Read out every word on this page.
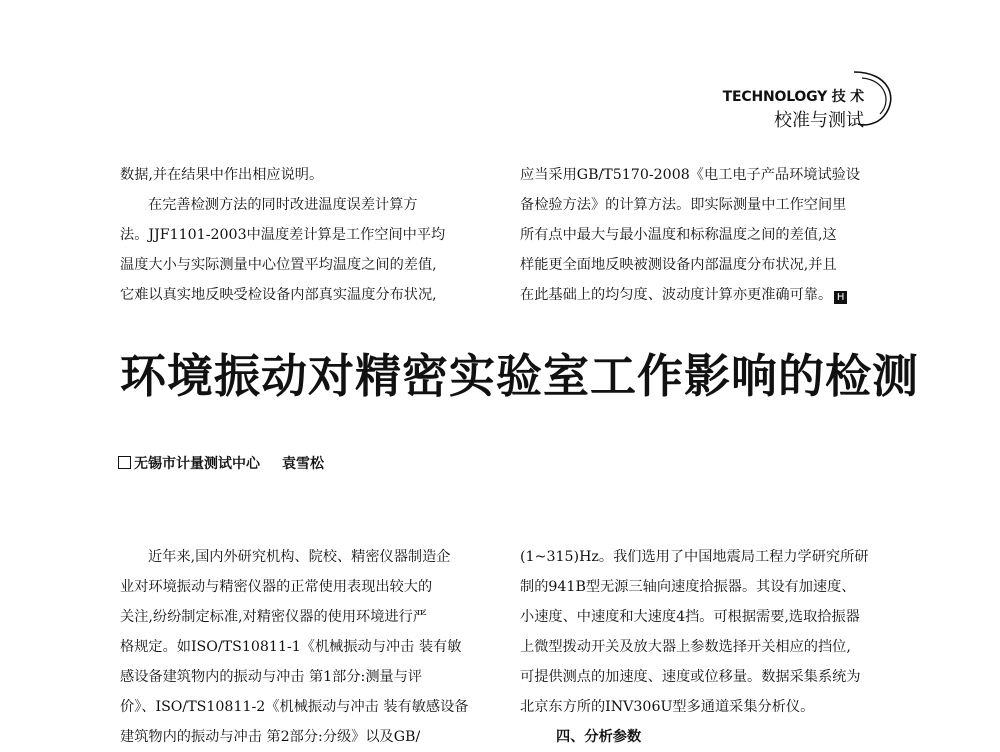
TECHNOLOGY 技 术
校准与测试

数据,并在结果中作出相应说明。

在完善检测方法的同时改进温度误差计算方

法。JJF1101-2003中温度差计算是工作空间中平均

温度大小与实际测量中心位置平均温度之间的差值,

它难以真实地反映受检设备内部真实温度分布状况,

应当采用GB/T5170-2008《电工电子产品环境试验设

备检验方法》的计算方法。即实际测量中工作空间里

所有点中最大与最小温度和标称温度之间的差值,这

样能更全面地反映被测设备内部温度分布状况,并且

在此基础上的均匀度、波动度计算亦更准确可靠。 H

环境振动对精密实验室工作影响的检测
无锡市计量测试中心 袁雪松

近年来,国内外研究机构、院校、精密仪器制造企

业对环境振动与精密仪器的正常使用表现出较大的

关注,纷纷制定标准,对精密仪器的使用环境进行严

格规定。如ISO/TS10811-1《机械振动与冲击 装有敏

感设备建筑物内的振动与冲击 第1部分:测量与评

价》、ISO/TS10811-2《机械振动与冲击 装有敏感设备

建筑物内的振动与冲击 第2部分:分级》以及GB/

(1~315)Hz。我们选用了中国地震局工程力学研究所研

制的941B型无源三轴向速度拾振器。其设有加速度、

小速度、中速度和大速度4挡。可根据需要,选取拾振器

上微型拨动开关及放大器上参数选择开关相应的挡位,

可提供测点的加速度、速度或位移量。数据采集系统为

北京东方所的INV306U型多通道采集分析仪。

四、分析参数
